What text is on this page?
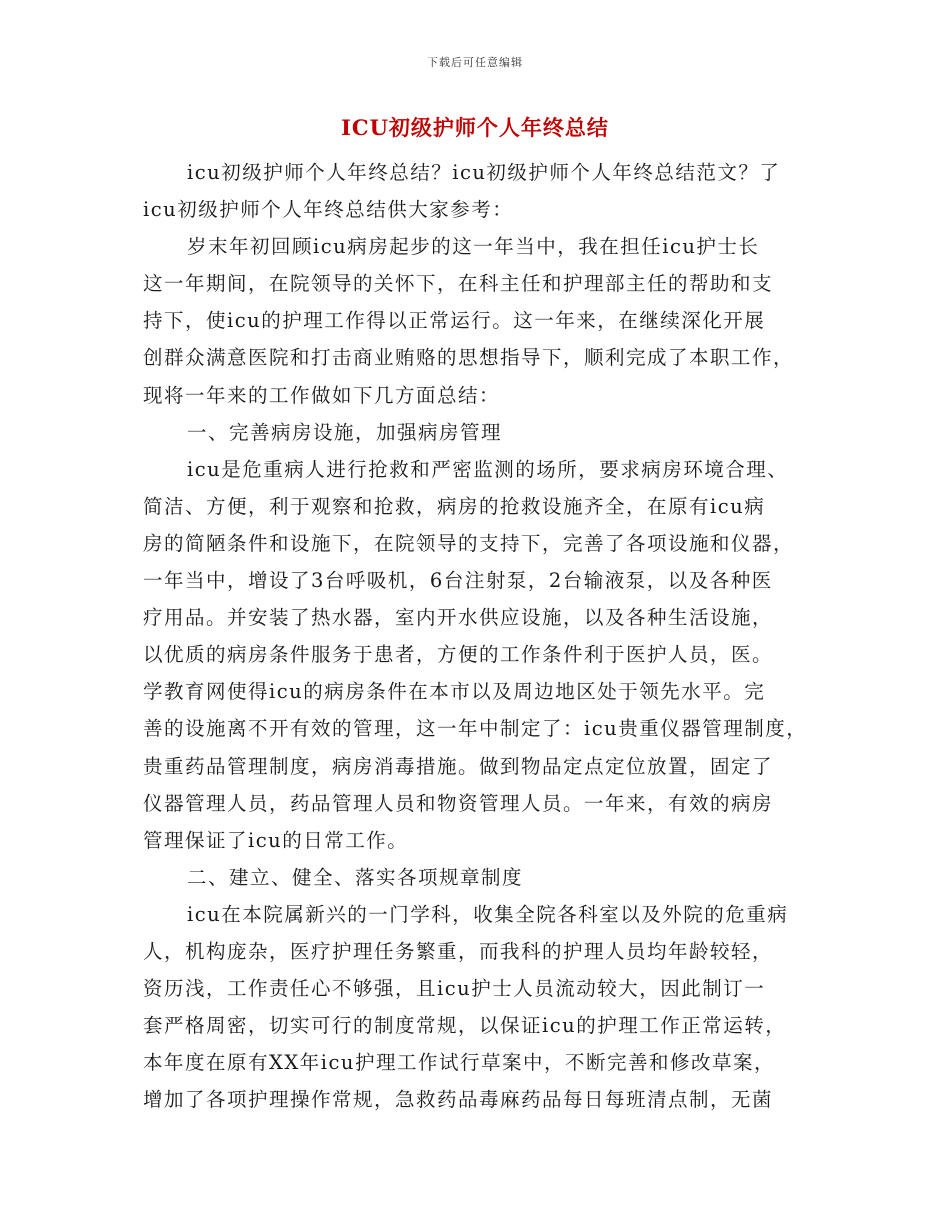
下载后可任意编辑
ICU初级护师个人年终总结
icu初级护师个人年终总结？icu初级护师个人年终总结范文？了
icu初级护师个人年终总结供大家参考：
岁末年初回顾icu病房起步的这一年当中，我在担任icu护士长
这一年期间，在院领导的关怀下，在科主任和护理部主任的帮助和支
持下，使icu的护理工作得以正常运行。这一年来，在继续深化开展
创群众满意医院和打击商业贿赂的思想指导下，顺利完成了本职工作，
现将一年来的工作做如下几方面总结：
一、完善病房设施，加强病房管理
icu是危重病人进行抢救和严密监测的场所，要求病房环境合理、
简洁、方便，利于观察和抢救，病房的抢救设施齐全，在原有icu病
房的简陋条件和设施下，在院领导的支持下，完善了各项设施和仪器，
一年当中，增设了3台呼吸机，6台注射泵，2台输液泵，以及各种医
疗用品。并安装了热水器，室内开水供应设施，以及各种生活设施，
以优质的病房条件服务于患者，方便的工作条件利于医护人员，医。
学教育网使得icu的病房条件在本市以及周边地区处于领先水平。完
善的设施离不开有效的管理，这一年中制定了：icu贵重仪器管理制度，
贵重药品管理制度，病房消毒措施。做到物品定点定位放置，固定了
仪器管理人员，药品管理人员和物资管理人员。一年来，有效的病房
管理保证了icu的日常工作。
二、建立、健全、落实各项规章制度
icu在本院属新兴的一门学科，收集全院各科室以及外院的危重病
人，机构庞杂，医疗护理任务繁重，而我科的护理人员均年龄较轻，
资历浅，工作责任心不够强，且icu护士人员流动较大，因此制订一
套严格周密，切实可行的制度常规，以保证icu的护理工作正常运转，
本年度在原有XX年icu护理工作试行草案中，不断完善和修改草案，
增加了各项护理操作常规，急救药品毒麻药品每日每班清点制，无菌
